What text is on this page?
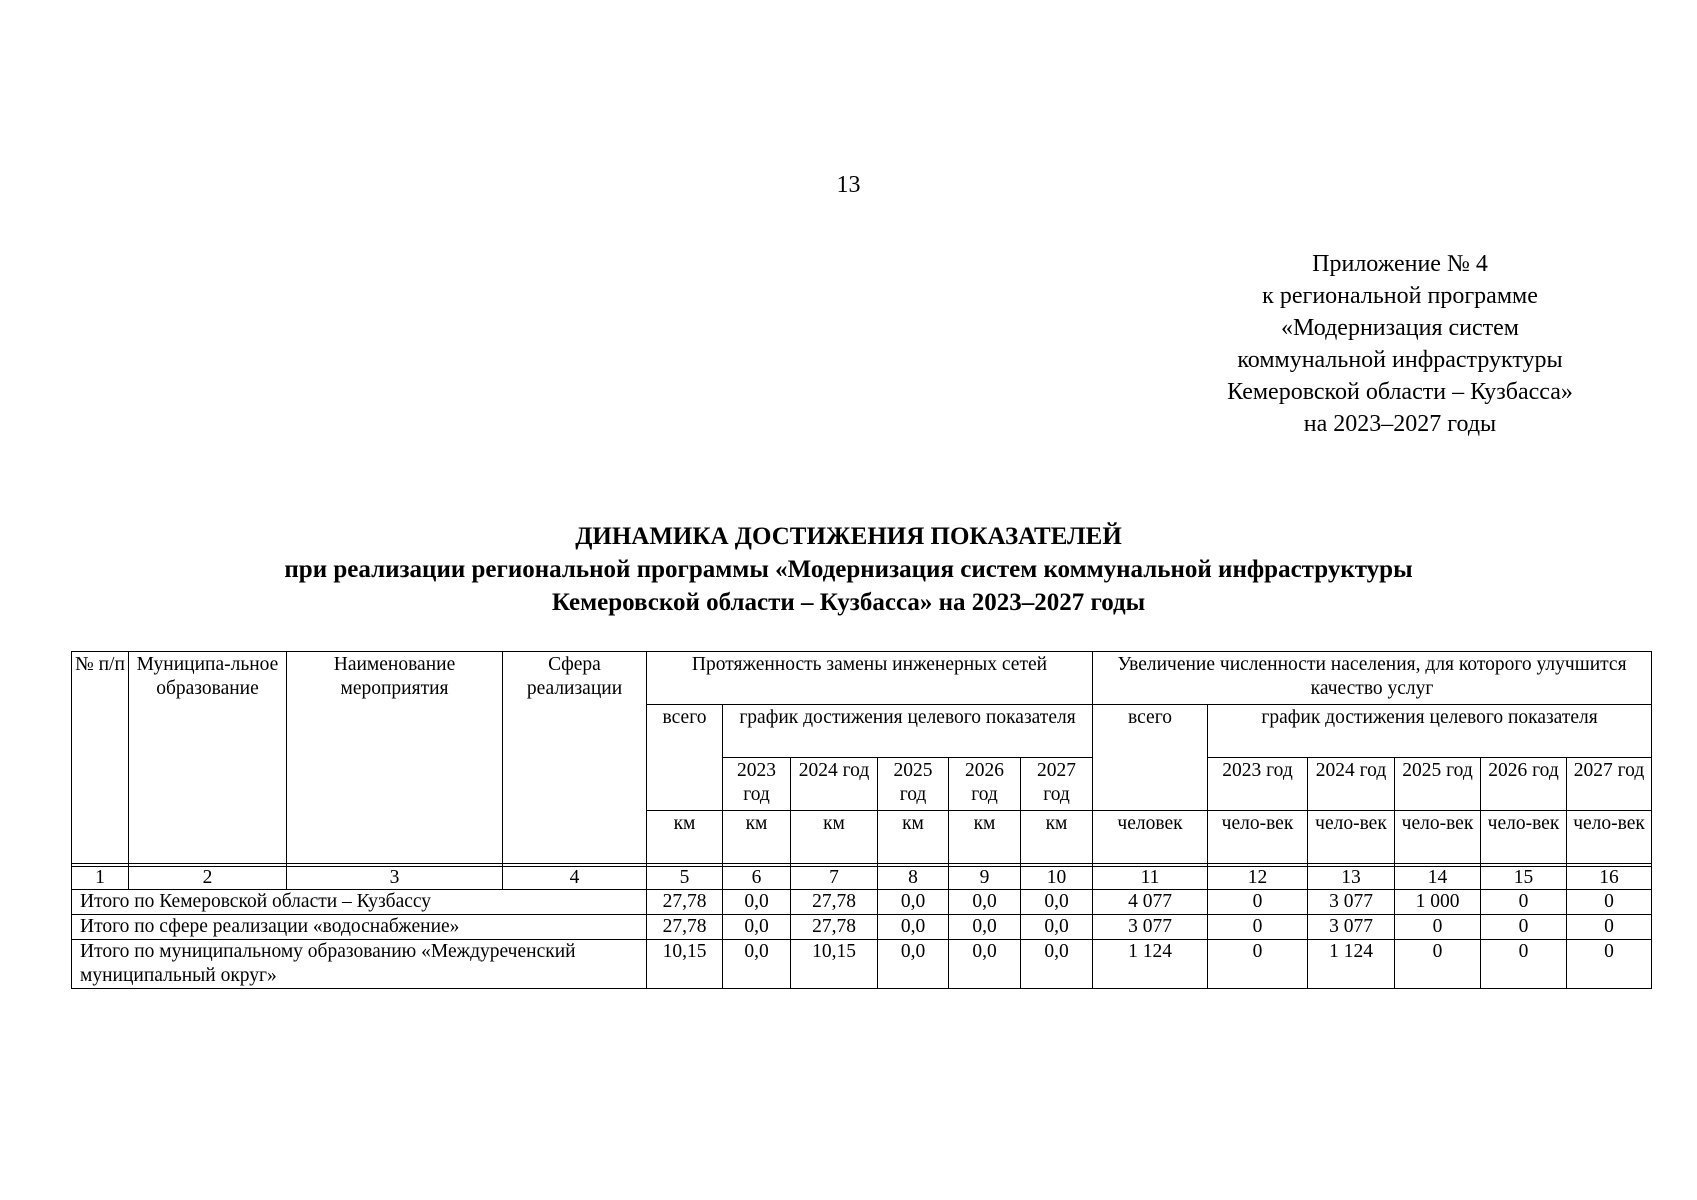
13
Приложение № 4
к региональной программе
«Модернизация систем
коммунальной инфраструктуры
Кемеровской области – Кузбасса»
на 2023–2027 годы
ДИНАМИКА ДОСТИЖЕНИЯ ПОКАЗАТЕЛЕЙ
при реализации региональной программы «Модернизация систем коммунальной инфраструктуры
Кемеровской области – Кузбасса» на 2023–2027 годы
№ п/п	Муниципа-льное образование	Наименование мероприятия	Сфера реализации	Протяженность замены инженерных сетей						Увеличение численности населения, для которого улучшится качество услуг					
				всего	график достижения целевого показателя					всего	график достижения целевого показателя				
					2023 год	2024 год	2025 год	2026 год	2027 год		2023 год	2024 год	2025 год	2026 год	2027 год
				км	км	км	км	км	км	человек	чело-век	чело-век	чело-век	чело-век	чело-век

1	2	3	4	5	6	7	8	9	10	11	12	13	14	15	16
Итого по Кемеровской области – Кузбассу				27,78	0,0	27,78	0,0	0,0	0,0	4 077	0	3 077	1 000	0	0
Итого по сфере реализации «водоснабжение»				27,78	0,0	27,78	0,0	0,0	0,0	3 077	0	3 077	0	0	0
Итого по муниципальному образованию «Междуреченский муниципальный округ»				10,15	0,0	10,15	0,0	0,0	0,0	1 124	0	1 124	0	0	0
